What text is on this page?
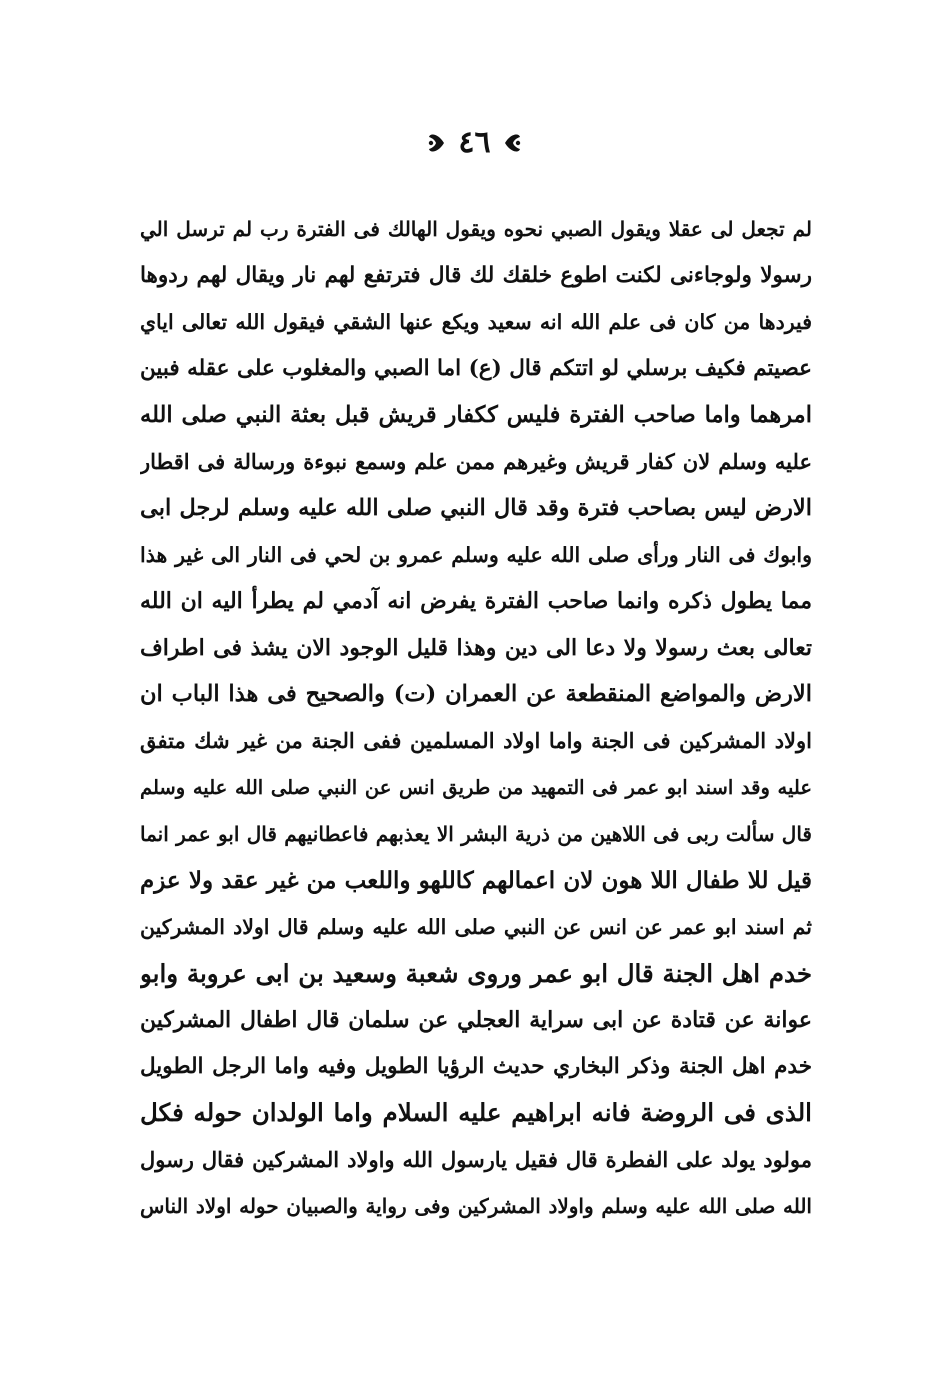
٤٦
لم تجعل لى عقلا ويقول الصبي نحوه ويقول الهالك فى الفترة رب لم ترسل الي
رسولا ولوجاءنى لكنت اطوع خلقك لك قال فترتفع لهم نار ويقال لهم ردوها
فيردها من كان فى علم الله انه سعيد ويكع عنها الشقي فيقول الله تعالى اياي
عصيتم فكيف برسلي لو اتتكم قال (ع) اما الصبي والمغلوب على عقله فبين
امرهما واما صاحب الفترة فليس ككفار قريش قبل بعثة النبي صلى الله
عليه وسلم لان كفار قريش وغيرهم ممن علم وسمع نبوءة ورسالة فى اقطار
الارض ليس بصاحب فترة وقد قال النبي صلى الله عليه وسلم لرجل ابى
وابوك فى النار ورأى صلى الله عليه وسلم عمرو بن لحي فى النار الى غير هذا
مما يطول ذكره وانما صاحب الفترة يفرض انه آدمي لم يطرأ اليه ان الله
تعالى بعث رسولا ولا دعا الى دين وهذا قليل الوجود الان يشذ فى اطراف
الارض والمواضع المنقطعة عن العمران (ت) والصحيح فى هذا الباب ان
اولاد المشركين فى الجنة واما اولاد المسلمين ففى الجنة من غير شك متفق
عليه وقد اسند ابو عمر فى التمهيد من طريق انس عن النبي صلى الله عليه وسلم
قال سألت ربى فى اللاهين من ذرية البشر الا يعذبهم فاعطانيهم قال ابو عمر انما
قيل للا طفال اللا هون لان اعمالهم كاللهو واللعب من غير عقد ولا عزم
ثم اسند ابو عمر عن انس عن النبي صلى الله عليه وسلم قال اولاد المشركين
خدم اهل الجنة قال ابو عمر وروى شعبة وسعيد بن ابى عروبة وابو
عوانة عن قتادة عن ابى سراية العجلي عن سلمان قال اطفال المشركين
خدم اهل الجنة وذكر البخاري حديث الرؤيا الطويل وفيه واما الرجل الطويل
الذى فى الروضة فانه ابراهيم عليه السلام واما الولدان حوله فكل
مولود يولد على الفطرة قال فقيل يارسول الله واولاد المشركين فقال رسول
الله صلى الله عليه وسلم واولاد المشركين وفى رواية والصبيان حوله اولاد الناس
